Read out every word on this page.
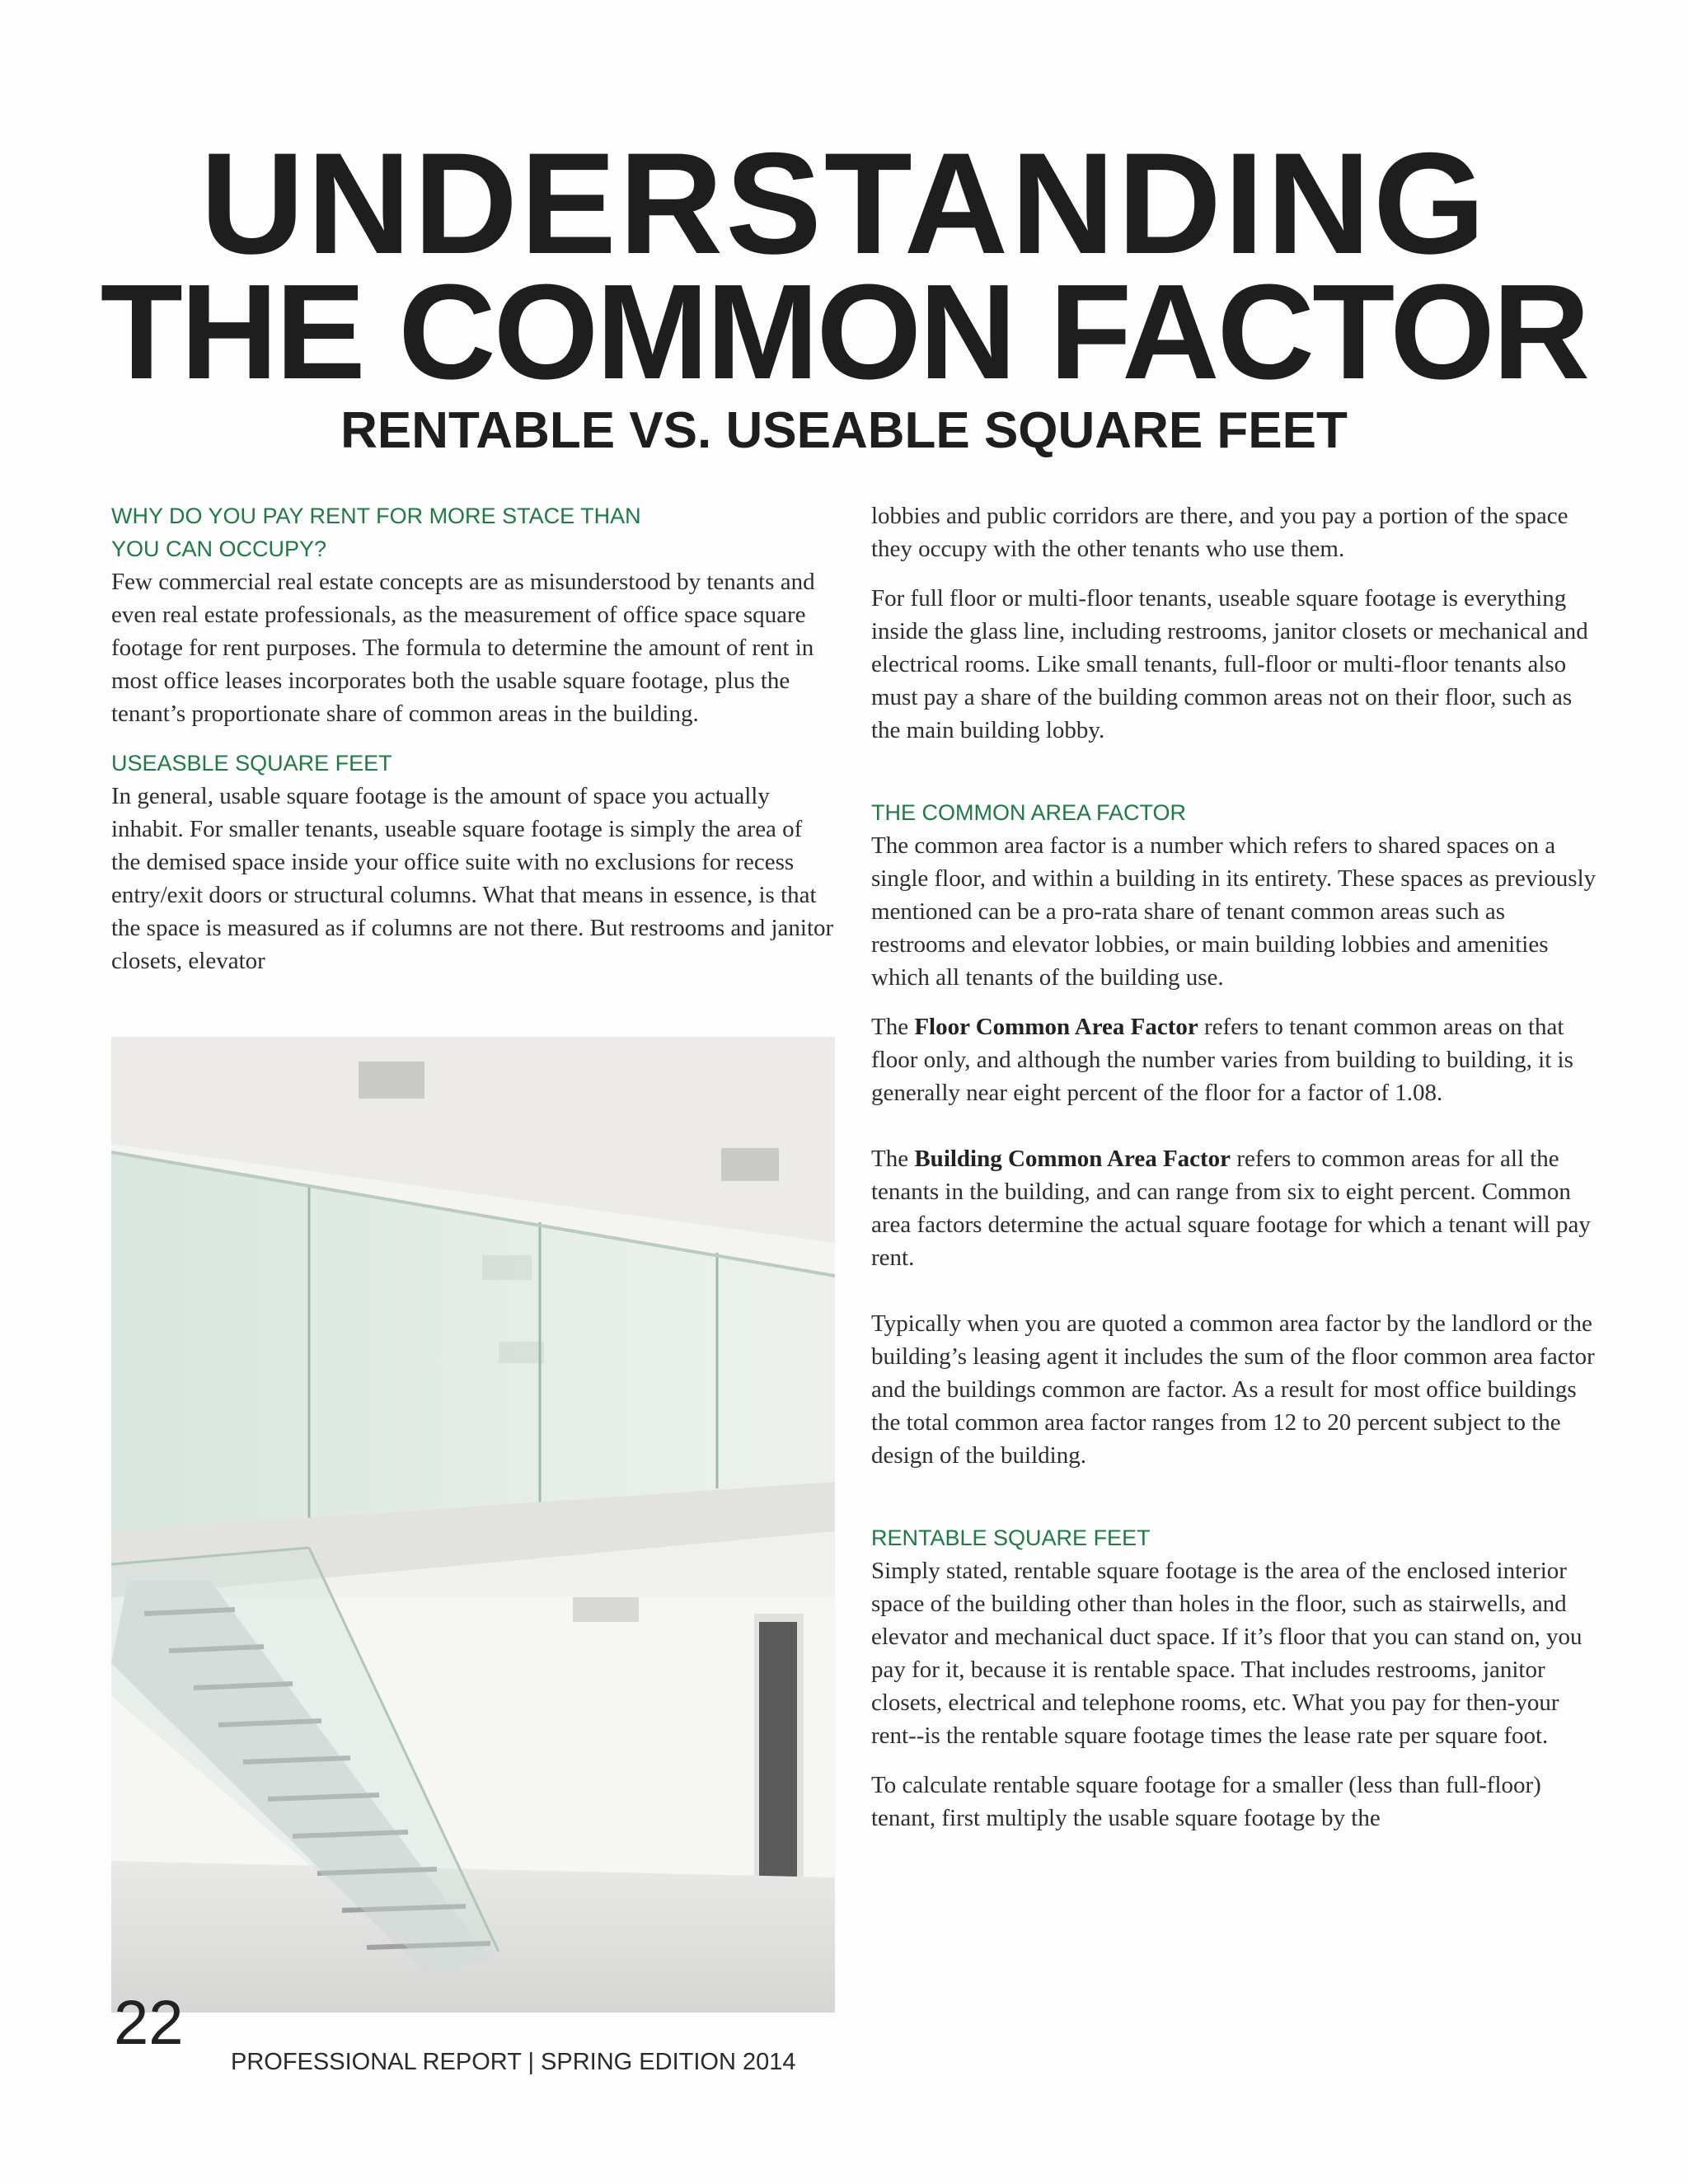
UNDERSTANDING
THE COMMON FACTOR
RENTABLE VS. USEABLE SQUARE FEET

WHY DO YOU PAY RENT FOR MORE STACE THAN
YOU CAN OCCUPY?

Few commercial real estate concepts are as misunderstood by tenants and even real estate professionals, as the measurement of office space square footage for rent purposes. The formula to determine the amount of rent in most office leases incorporates both the usable square footage, plus the tenant’s proportionate share of common areas in the building.

USEASBLE SQUARE FEET

In general, usable square footage is the amount of space you actually inhabit. For smaller tenants, useable square footage is simply the area of the demised space inside your office suite with no exclusions for recess entry/exit doors or structural columns. What that means in essence, is that the space is measured as if columns are not there. But restrooms and janitor closets, elevator

lobbies and public corridors are there, and you pay a portion of the space they occupy with the other tenants who use them.

For full floor or multi-floor tenants, useable square footage is everything inside the glass line, including restrooms, janitor closets or mechanical and electrical rooms. Like small tenants, full-floor or multi-floor tenants also must pay a share of the building common areas not on their floor, such as the main building lobby.

THE COMMON AREA FACTOR

The common area factor is a number which refers to shared spaces on a single floor, and within a building in its entirety. These spaces as previously mentioned can be a pro-rata share of tenant common areas such as restrooms and elevator lobbies, or main building lobbies and amenities which all tenants of the building use.

The Floor Common Area Factor refers to tenant common areas on that floor only, and although the number varies from building to building, it is generally near eight percent of the floor for a factor of 1.08.

The Building Common Area Factor refers to common areas for all the tenants in the building, and can range from six to eight percent. Common area factors determine the actual square footage for which a tenant will pay rent.

Typically when you are quoted a common area factor by the landlord or the building’s leasing agent it includes the sum of the floor common area factor and the buildings common are factor. As a result for most office buildings the total common area factor ranges from 12 to 20 percent subject to the design of the building.

RENTABLE SQUARE FEET

Simply stated, rentable square footage is the area of the enclosed interior space of the building other than holes in the floor, such as stairwells, and elevator and mechanical duct space. If it’s floor that you can stand on, you pay for it, because it is rentable space. That includes restrooms, janitor closets, electrical and telephone rooms, etc. What you pay for then-your rent--is the rentable square footage times the lease rate per square foot.

To calculate rentable square footage for a smaller (less than full-floor) tenant, first multiply the usable square footage by the

22
PROFESSIONAL REPORT | SPRING EDITION 2014
